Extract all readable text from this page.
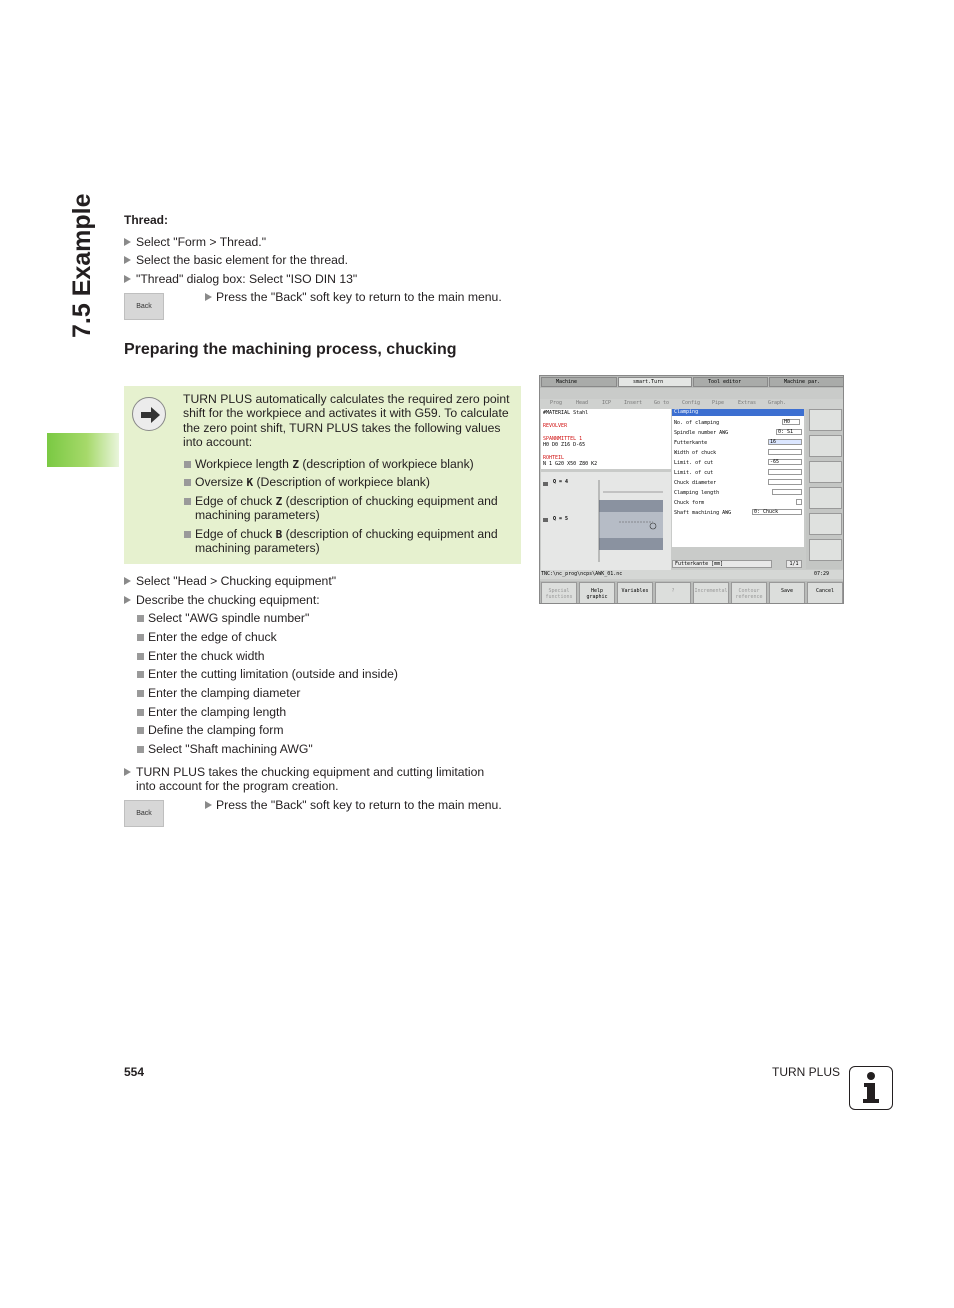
7.5 Example Thread:
Select "Form > Thread."
Select the basic element for the thread.
"Thread" dialog box: Select "ISO DIN 13"
Back
Press the "Back" soft key to return to the main menu.
Preparing the machining process, chucking
TURN PLUS automatically calculates the required zero point shift for the workpiece and activates it with G59. To calculate the zero point shift, TURN PLUS takes the following values into account:
Workpiece length Z (description of workpiece blank)
Oversize K (Description of workpiece blank)
Edge of chuck Z (description of chucking equipment and
machining parameters)
Edge of chuck B (description of chucking equipment and
machining parameters)
Select "Head > Chucking equipment"
Describe the chucking equipment:
Select "AWG spindle number"
Enter the edge of chuck
Enter the chuck width
Enter the cutting limitation (outside and inside)
Enter the clamping diameter
Enter the clamping length
Define the clamping form
Select "Shaft machining AWG"
TURN PLUS takes the chucking equipment and cutting limitation
into account for the program creation.
Back
Press the "Back" soft key to return to the main menu.
Machine	smart.Turn	Tool editor	Machine par.
Prog	Head	ICP	Insert Go to	Config Pipe	Extras Graph.
#MATERIAL Stahl
REVOLVER
SPANNMITTEL 1
H0 D0 Z16 D-65
ROHTEIL
N 1 G20 X50 Z80 K2
Q = 4
Q = 5
Clamping
No. of clamping	H0
Spindle number AWG	0: S1
Futterkante	16
Width of chuck
Limit. of cut	-65
Limit. of cut
Chuck diameter
Clamping length
Chuck form
Shaft machining AWG	0: Chuck
Futterkante [mm]	1/1
TNC:\nc_prog\ncps\AWK_01.nc	07:29
Special functions
Help graphic
Variables	?	Incremental	Contour reference
Save	Cancel
554	TURN PLUS
